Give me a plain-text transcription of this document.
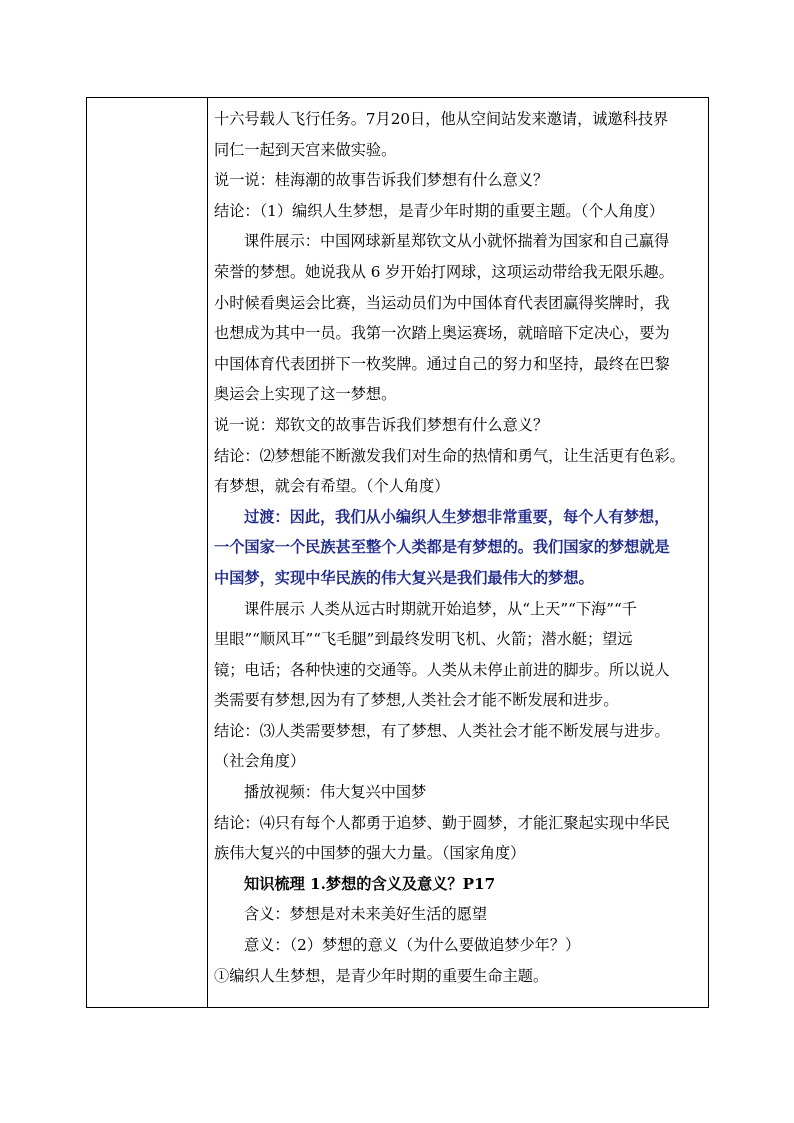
十六号载人飞行任务。7月20日，他从空间站发来邀请，诚邀科技界
同仁一起到天宫来做实验。
说一说：桂海潮的故事告诉我们梦想有什么意义？
结论：（1）编织人生梦想，是青少年时期的重要主题。（个人角度）
课件展示：中国网球新星郑钦文从小就怀揣着为国家和自己赢得
荣誉的梦想。她说我从 6 岁开始打网球，这项运动带给我无限乐趣。
小时候看奥运会比赛，当运动员们为中国体育代表团赢得奖牌时，我
也想成为其中一员。我第一次踏上奥运赛场，就暗暗下定决心，要为
中国体育代表团拼下一枚奖牌。通过自己的努力和坚持，最终在巴黎
奥运会上实现了这一梦想。
说一说：郑钦文的故事告诉我们梦想有什么意义？
结论：⑵梦想能不断激发我们对生命的热情和勇气，让生活更有色彩。
有梦想，就会有希望。（个人角度）
过渡：因此，我们从小编织人生梦想非常重要，每个人有梦想，
一个国家一个民族甚至整个人类都是有梦想的。我们国家的梦想就是
中国梦，实现中华民族的伟大复兴是我们最伟大的梦想。
课件展示 人类从远古时期就开始追梦，从“上天”“下海”“千
里眼”“顺风耳”“飞毛腿”到最终发明飞机、火箭；潜水艇；望远
镜；电话；各种快速的交通等。人类从未停止前进的脚步。所以说人
类需要有梦想,因为有了梦想,人类社会才能不断发展和进步。
结论：⑶人类需要梦想，有了梦想、人类社会才能不断发展与进步。
（社会角度）
播放视频：伟大复兴中国梦
结论：⑷只有每个人都勇于追梦、勤于圆梦，才能汇聚起实现中华民
族伟大复兴的中国梦的强大力量。（国家角度）
知识梳理 1.梦想的含义及意义？P17
含义：梦想是对未来美好生活的愿望
意义：（2）梦想的意义（为什么要做追梦少年？）
①编织人生梦想，是青少年时期的重要生命主题。
